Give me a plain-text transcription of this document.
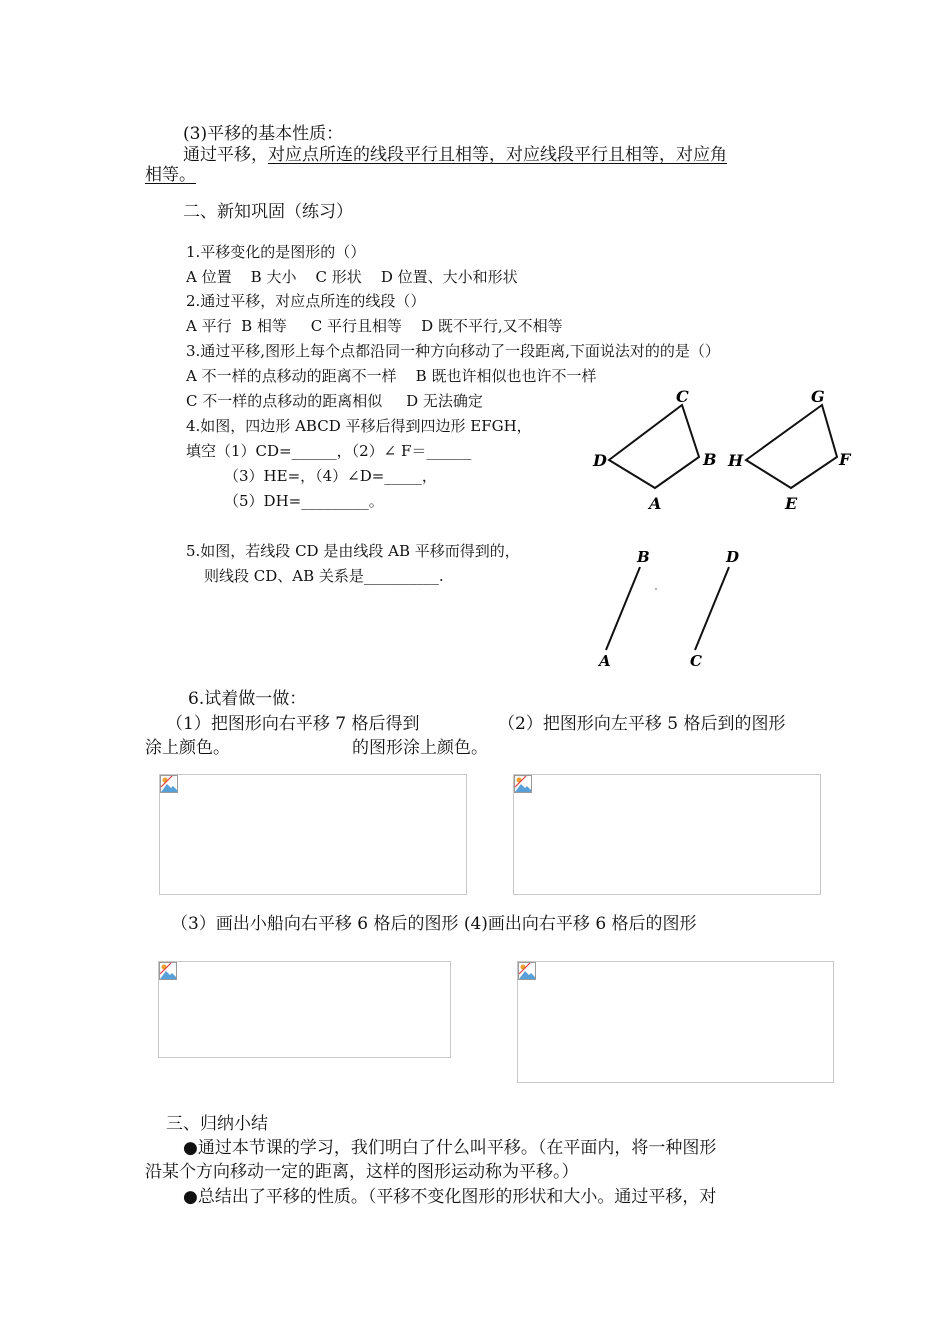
(3)平移的基本性质：
通过平移，对应点所连的线段平行且相等，对应线段平行且相等，对应角
相等。
二、新知巩固（练习）
1.平移变化的是图形的（）
A 位置    B 大小    C 形状    D 位置、大小和形状
2.通过平移，对应点所连的线段（）
A 平行  B 相等     C 平行且相等    D 既不平行,又不相等
3.通过平移,图形上每个点都沿同一种方向移动了一段距离,下面说法对的的是（）
A 不一样的点移动的距离不一样    B 既也许相似也也许不一样
C 不一样的点移动的距离相似     D 无法确定
4.如图，四边形 ABCD 平移后得到四边形 EFGH，
填空（1）CD=______，（2）∠ F＝______
（3）HE=，（4）∠D=_____，
（5）DH=_________。
C
D	B
A
G
H	F
E
5.如图，若线段 CD 是由线段 AB 平移而得到的，
则线段 CD、AB 关系是__________.
B
A
D
C
6.试着做一做：
（1）把图形向右平移 7 格后得到
涂上颜色。
（2）把图形向左平移 5 格后到的图形
的图形涂上颜色。
（3）画出小船向右平移 6 格后的图形 (4)画出向右平移 6 格后的图形
三、归纳小结
●通过本节课的学习，我们明白了什么叫平移。（在平面内，将一种图形
沿某个方向移动一定的距离，这样的图形运动称为平移。）
●总结出了平移的性质。（平移不变化图形的形状和大小。通过平移，对
